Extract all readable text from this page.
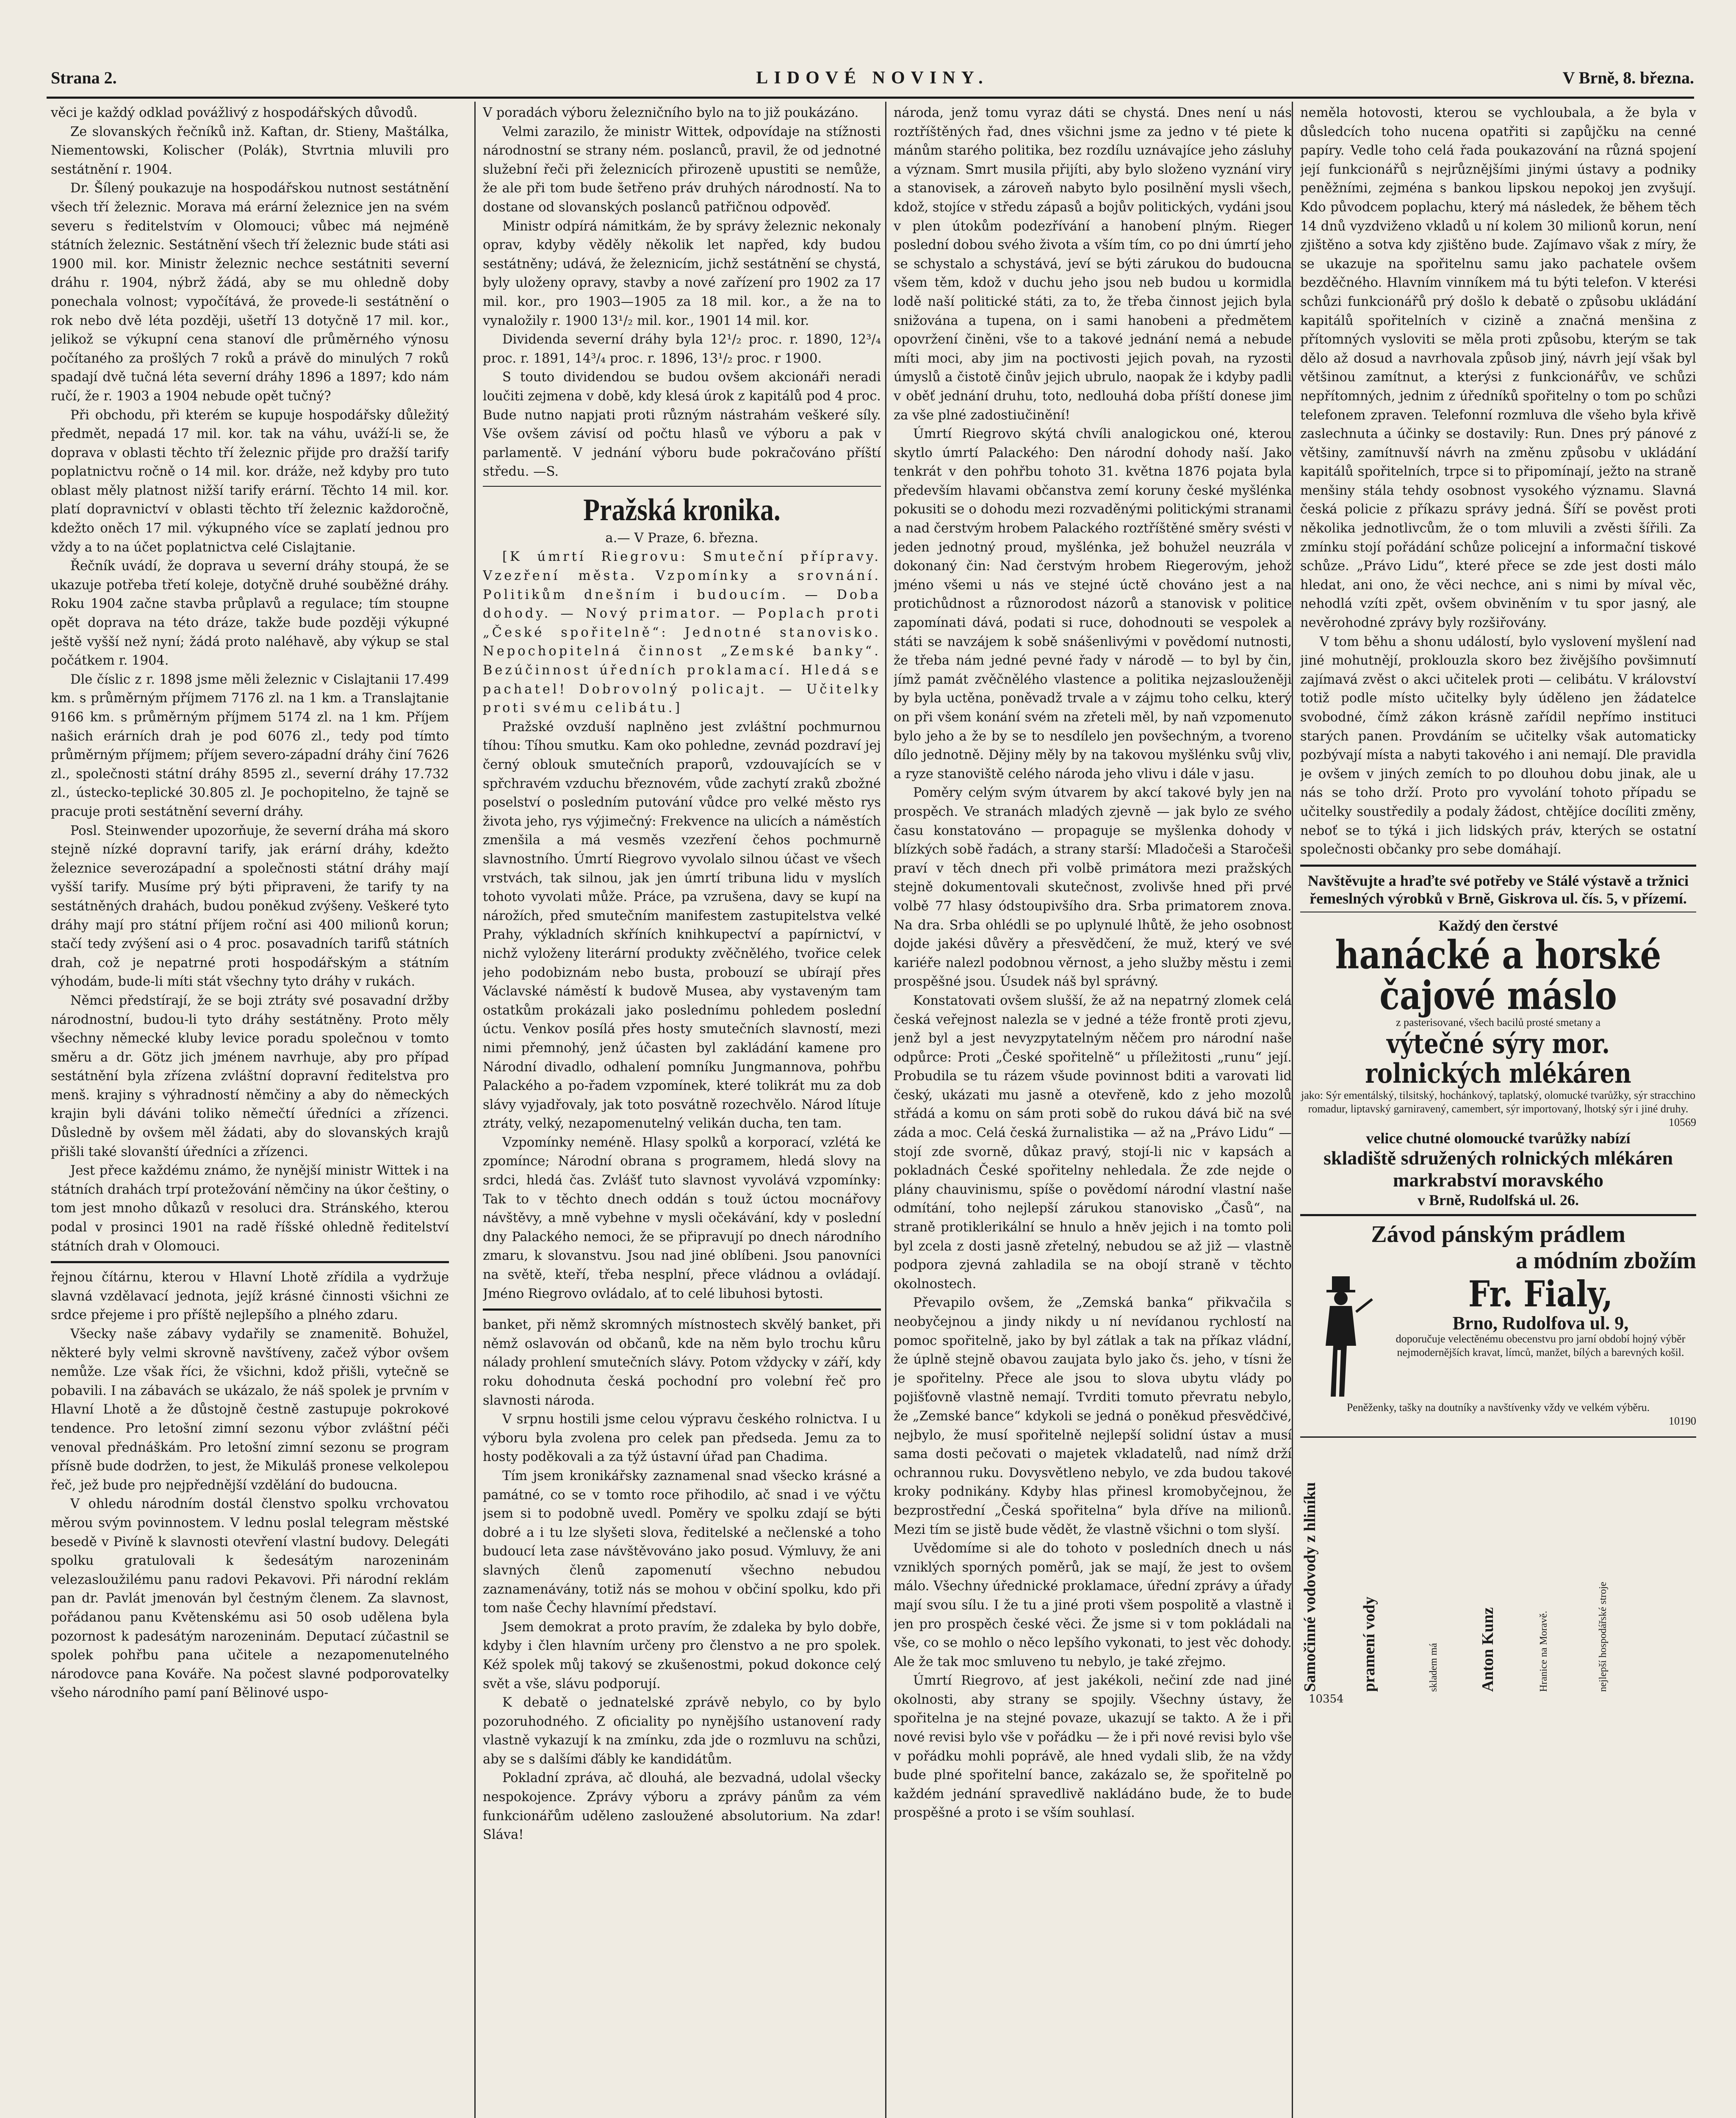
Strana 2.	LIDOVÉ NOVINY.	V Brně, 8. března.

věci je každý odklad povážlivý z hospodářských důvodů.

Ze slovanských řečníků inž. Kaftan, dr. Stieny, Maštálka, Niementowski, Kolischer (Polák), Stvrtnia mluvili pro sestátnění r. 1904.

Dr. Šílený poukazuje na hospodářskou nutnost sestátnění všech tří železnic. Morava má erární železnice jen na svém severu s ředitelstvím v Olomouci; vůbec má nejméně státních železnic. Sestátnění všech tří železnic bude státi asi 1900 mil. kor. Ministr železnic nechce sestátniti severní dráhu r. 1904, nýbrž žádá, aby se mu ohledně doby ponechala volnost; vypočítává, že provede-li sestátnění o rok nebo dvě léta později, ušetří 13 dotyčně 17 mil. kor., jelikož se výkupní cena stanoví dle průměrného výnosu počítaného za prošlých 7 roků a právě do minulých 7 roků spadají dvě tučná léta severní dráhy 1896 a 1897; kdo nám ručí, že r. 1903 a 1904 nebude opět tučný?

Při obchodu, při kterém se kupuje hospodářsky důležitý předmět, nepadá 17 mil. kor. tak na váhu, uváží-li se, že doprava v oblasti těchto tří železnic přijde pro dražší tarify poplatnictvu ročně o 14 mil. kor. dráže, než kdyby pro tuto oblast měly platnost nižší tarify erární. Těchto 14 mil. kor. platí dopravnictví v oblasti těchto tří železnic každoročně, kdežto oněch 17 mil. výkupného více se zaplatí jednou pro vždy a to na účet poplatnictva celé Cislajtanie.

Řečník uvádí, že doprava u severní dráhy stoupá, že se ukazuje potřeba třetí koleje, dotyčně druhé souběžné dráhy. Roku 1904 začne stavba průplavů a regulace; tím stoupne opět doprava na této dráze, takže bude později výkupné ještě vyšší než nyní; žádá proto naléhavě, aby výkup se stal počátkem r. 1904.

Dle číslic z r. 1898 jsme měli železnic v Cislajtanii 17.499 km. s průměrným příjmem 7176 zl. na 1 km. a Translajtanie 9166 km. s průměrným příjmem 5174 zl. na 1 km. Příjem našich erárních drah je pod 6076 zl., tedy pod tímto průměrným příjmem; příjem severo-západní dráhy činí 7626 zl., společnosti státní dráhy 8595 zl., severní dráhy 17.732 zl., ústecko-teplické 30.805 zl. Je pochopitelno, že tajně se pracuje proti sestátnění severní dráhy.

Posl. Steinwender upozorňuje, že severní dráha má skoro stejně nízké dopravní tarify, jak erární dráhy, kdežto železnice severozápadní a společnosti státní dráhy mají vyšší tarify. Musíme prý býti připraveni, že tarify ty na sestátněných drahách, budou poněkud zvýšeny. Veškeré tyto dráhy mají pro státní příjem roční asi 400 milionů korun; stačí tedy zvýšení asi o 4 proc. posavadních tarifů státních drah, což je nepatrné proti hospodářským a státním výhodám, bude-li míti stát všechny tyto dráhy v rukách.

Němci předstírají, že se boji ztráty své posavadní držby národnostní, budou-li tyto dráhy sestátněny. Proto měly všechny německé kluby levice poradu společnou v tomto směru a dr. Götz jich jménem navrhuje, aby pro případ sestátnění byla zřízena zvláštní dopravní ředitelstva pro menš. krajiny s výhradností němčiny a aby do německých krajin byli dáváni toliko němečtí úředníci a zřízenci. Důsledně by ovšem měl žádati, aby do slovanských krajů přišli také slovanští úředníci a zřízenci.

Jest přece každému známo, že nynější ministr Wittek i na státních drahách trpí protežování němčiny na úkor češtiny, o tom jest mnoho důkazů v resoluci dra. Stránského, kterou podal v prosinci 1901 na radě říšské ohledně ředitelství státních drah v Olomouci.

řejnou čítárnu, kterou v Hlavní Lhotě zřídila a vydržuje slavná vzdělavací jednota, jejíž krásné činnosti všichni ze srdce přejeme i pro příště nejlepšího a plného zdaru.

Všecky naše zábavy vydařily se znamenitě. Bohužel, některé byly velmi skrovně navštíveny, začež výbor ovšem nemůže. Lze však říci, že všichni, kdož přišli, vytečně se pobavili. I na zábavách se ukázalo, že náš spolek je prvním v Hlavní Lhotě a že důstojně čestně zastupuje pokrokové tendence. Pro letošní zimní sezonu výbor zvláštní péči venoval přednáškám. Pro letošní zimní sezonu se program přísně bude dodržen, to jest, že Mikuláš pronese velkolepou řeč, jež bude pro nejpřednější vzdělání do budoucna.

V ohledu národním dostál členstvo spolku vrchovatou měrou svým povinnostem. V lednu poslal telegram městské besedě v Pivíně k slavnosti otevření vlastní budovy. Delegáti spolku gratulovali k šedesátým narozeninám velezasloužilému panu radovi Pekavovi. Při národní reklám pan dr. Pavlát jmenován byl čestným členem. Za slavnost, pořádanou panu Květenskému asi 50 osob udělena byla pozornost k padesátým narozeninám. Deputací zúčastnil se spolek pohřbu pana učitele a nezapomenutelného národovce pana Kováře. Na počest slavné podporovatelky všeho národního pamí paní Bělinové uspo-

V poradách výboru železničního bylo na to již poukázáno.

Velmi zarazilo, že ministr Wittek, odpovídaje na stížnosti národnostní se strany ném. poslanců, pravil, že od jednotné služební řeči při železnicích přirozeně upustiti se nemůže, že ale při tom bude šetřeno práv druhých národností. Na to dostane od slovanských poslanců patřičnou odpověď.

Ministr odpírá námitkám, že by správy železnic nekonaly oprav, kdyby věděly několik let napřed, kdy budou sestátněny; udává, že železnicím, jichž sestátnění se chystá, byly uloženy opravy, stavby a nové zařízení pro 1902 za 17 mil. kor., pro 1903—1905 za 18 mil. kor., a že na to vynaložily r. 1900 13¹/₂ mil. kor., 1901 14 mil. kor.

Dividenda severní dráhy byla 12¹/₂ proc. r. 1890, 12³/₄ proc. r. 1891, 14³/₄ proc. r. 1896, 13¹/₂ proc. r 1900.

S touto dividendou se budou ovšem akcionáři neradi loučiti zejmena v době, kdy klesá úrok z kapitálů pod 4 proc. Bude nutno napjati proti různým nástrahám veškeré síly. Vše ovšem závisí od počtu hlasů ve výboru a pak v parlamentě. V jednání výboru bude pokračováno příští středu. —S.

Pražská kronika.

a.— V Praze, 6. března.

[K úmrtí Riegrovu: Smuteční přípravy. Vzezření města. Vzpomínky a srovnání. Politikům dnešním i budoucím. — Doba dohody. — Nový primator. — Poplach proti „České spořitelně“: Jednotné stanovisko. Nepochopitelná činnost „Zemské banky“. Bezúčinnost úředních proklamací. Hledá se pachatel! Dobrovolný policajt. — Učitelky proti svému celibátu.]

Pražské ovzduší naplněno jest zvláštní pochmurnou tíhou: Tíhou smutku. Kam oko pohledne, zevnád pozdraví jej černý oblouk smutečních praporů, vzdouvajících se v spřchravém vzduchu březnovém, vůde zachytí zraků zbožné poselství o posledním putování vůdce pro velké město rys života jeho, rys výjimečný: Frekvence na ulicích a náměstích zmenšila a má vesměs vzezření čehos pochmurně slavnostního. Úmrtí Riegrovo vyvolalo silnou účast ve všech vrstvách, tak silnou, jak jen úmrtí tribuna lidu v myslích tohoto vyvolati může. Práce, pa vzrušena, davy se kupí na nárožích, před smutečním manifestem zastupitelstva velké Prahy, výkladních skříních knihkupectví a papírnictví, v nichž vyloženy literární produkty zvěčnělého, tvořice celek jeho podobiznám nebo busta, probouzí se ubírají přes Václavské náměstí k budově Musea, aby vystaveným tam ostatkům prokázali jako poslednímu pohledem poslední úctu. Venkov posílá přes hosty smutečních slavností, mezi nimi přemnohý, jenž účasten byl zakládání kamene pro Národní divadlo, odhalení pomníku Jungmannova, pohřbu Palackého a po-řadem vzpomínek, které tolikrát mu za dob slávy vyjadřovaly, jak toto posvátně rozechvělo. Národ lítuje ztráty, velký, nezapomenutelný velikán ducha, ten tam.

Vzpomínky neméně. Hlasy spolků a korporací, vzlétá ke zpomínce; Národní obrana s programem, hledá slovy na srdci, hledá čas. Zvlášť tuto slavnost vyvolává vzpomínky: Tak to v těchto dnech oddán s touž úctou mocnářovy návštěvy, a mně vybehne v mysli očekávání, kdy v poslední dny Palackého nemoci, že se připravují po dnech národního zmaru, k slovanstvu. Jsou nad jiné oblíbeni. Jsou panovníci na světě, kteří, třeba nesplní, přece vládnou a ovládají. Jméno Riegrovo ovládalo, ať to celé libuhosi bytosti.

banket, při němž skromných místnostech skvělý banket, při němž oslavován od občanů, kde na něm bylo trochu kůru nálady prohlení smutečních slávy. Potom vždycky v září, kdy roku dohodnuta česká pochodní pro volební řeč pro slavnosti národa.

V srpnu hostili jsme celou výpravu českého rolnictva. I u výboru byla zvolena pro celek pan předseda. Jemu za to hosty poděkovali a za týž ústavní úřad pan Chadima.

Tím jsem kronikářsky zaznamenal snad všecko krásné a památné, co se v tomto roce přihodilo, ač snad i ve výčtu jsem si to podobně uvedl. Poměry ve spolku zdají se býti dobré a i tu lze slyšeti slova, ředitelské a nečlenské a toho budoucí leta zase návštěvováno jako posud. Výmluvy, že ani slavných členů zapomenutí všechno nebudou zaznamenávány, totiž nás se mohou v občiní spolku, kdo při tom naše Čechy hlavnímí představí.

Jsem demokrat a proto pravím, že zdaleka by bylo dobře, kdyby i člen hlavním určeny pro členstvo a ne pro spolek. Kéž spolek můj takový se zkušenostmi, pokud dokonce celý svět a vše, slávu podporují.

K debatě o jednatelské zprávě nebylo, co by bylo pozoruhodného. Z oficiality po nynějšího ustanovení rady vlastně vykazují k na zmínku, zda jde o rozmluvu na schůzi, aby se s dalšími ďábly ke kandidátům.

Pokladní zpráva, ač dlouhá, ale bezvadná, udolal všecky nespokojence. Zprávy výboru a zprávy pánům za vém funkcionářům uděleno zasloužené absolutorium. Na zdar! Sláva!

národa, jenž tomu vyraz dáti se chystá. Dnes není u nás roztříštěných řad, dnes všichni jsme za jedno v té piete k mánům starého politika, bez rozdílu uznávajíce jeho zásluhy a význam. Smrt musila přijíti, aby bylo složeno vyznání viry a stanovisek, a zároveň nabyto bylo posilnění mysli všech, kdož, stojíce v středu zápasů a bojův politických, vydáni jsou v plen útokům podezřívání a hanobení plným. Rieger poslední dobou svého života a vším tím, co po dni úmrtí jeho se schystalo a schystává, jeví se býti zárukou do budoucna všem těm, kdož v duchu jeho jsou neb budou u kormidla lodě naší politické státi, za to, že třeba činnost jejich byla snižována a tupena, on i sami hanobeni a předmětem opovržení činěni, vše to a takové jednání nemá a nebude míti moci, aby jim na poctivosti jejich povah, na ryzosti úmyslů a čistotě činův jejich ubrulo, naopak že i kdyby padli v oběť jednání druhu, toto, nedlouhá doba příští donese jim za vše plné zadostiučinění!

Úmrtí Riegrovo skýtá chvíli analogickou oné, kterou skytlo úmrtí Palackého: Den národní dohody naší. Jako tenkrát v den pohřbu tohoto 31. května 1876 pojata byla především hlavami občanstva zemí koruny české myšlénka pokusiti se o dohodu mezi rozvaděnými politickými stranami a nad čerstvým hrobem Palackého roztříštěné směry svésti v jeden jednotný proud, myšlénka, jež bohužel neuzrála v dokonaný čin: Nad čerstvým hrobem Riegerovým, jehož jméno všemi u nás ve stejné úctě chováno jest a na protichůdnost a různorodost názorů a stanovisk v politice zapomínati dává, podati si ruce, dohodnouti se vespolek a státi se navzájem k sobě snášenlivými v povědomí nutnosti, že třeba nám jedné pevné řady v národě — to byl by čin, jímž památ zvěčnělého vlastence a politika nejzaslouženěji by byla uctěna, poněvadž trvale a v zájmu toho celku, který on při všem konání svém na zřeteli měl, by naň vzpomenuto bylo jeho a že by se to nesdílelo jen povšechným, a tvoreno dílo jednotně. Dějiny měly by na takovou myšlénku svůj vliv, a ryze stanoviště celého národa jeho vlivu i dále v jasu.

Poměry celým svým útvarem by akcí takové byly jen na prospěch. Ve stranách mladých zjevně — jak bylo ze svého času konstatováno — propaguje se myšlenka dohody v blízkých sobě řadách, a strany starší: Mladočeši a Staročeši praví v těch dnech při volbě primátora mezi pražských stejně dokumentovali skutečnost, zvolivše hned při prvé volbě 77 hlasy ódstoupivšího dra. Srba primatorem znova. Na dra. Srba ohlédli se po uplynulé lhůtě, že jeho osobnost dojde jakési důvěry a přesvědčení, že muž, který ve své kariéře nalezl podobnou věrnost, a jeho služby městu i zemi prospěšné jsou. Úsudek náš byl správný.

Konstatovati ovšem slušší, že až na nepatrný zlomek celá česká veřejnost nalezla se v jedné a téže frontě proti zjevu, jenž byl a jest nevyzpytatelným něčem pro národní naše odpůrce: Proti „České spořitelně“ u příležitosti „runu“ její. Probudila se tu rázem všude povinnost bditi a varovati lid český, ukázati mu jasně a otevřeně, kdo z jeho mozolů střádá a komu on sám proti sobě do rukou dává bič na své záda a moc. Celá česká žurnalistika — až na „Právo Lidu“ — stojí zde svorně, důkaz pravý, stojí-li nic v kapsách a pokladnách České spořitelny nehledala. Že zde nejde o plány chauvinismu, spíše o povědomí národní vlastní naše odmítání, toho nejlepší zárukou stanovisko „Časů“, na straně protiklerikální se hnulo a hněv jejich i na tomto poli byl zcela z dosti jasně zřetelný, nebudou se až již — vlastně podpora zjevná zahladila se na obojí straně v těchto okolnostech.

Převapilo ovšem, že „Zemská banka“ přikvačila s neobyčejnou a jindy nikdy u ní nevídanou rychlostí na pomoc spořitelně, jako by byl zátlak a tak na příkaz vládní, že úplně stejně obavou zaujata bylo jako čs. jeho, v tísni že je spořitelny. Přece ale jsou to slova ubytu vlády po pojišťovně vlastně nemají. Tvrditi tomuto převratu nebylo, že „Zemské bance“ kdykoli se jedná o poněkud přesvědčivé, nejbylo, že musí spořitelně nejlepší solidní ústav a musí sama dosti pečovati o majetek vkladatelů, nad nímž drží ochrannou ruku. Dovysvětleno nebylo, ve zda budou takové kroky podnikány. Kdyby hlas přinesl kromobyčejnou, že bezprostřední „Česká spořitelna“ byla dříve na milionů. Mezi tím se jistě bude vědět, že vlastně všichni o tom slyší.

Uvědomíme si ale do tohoto v posledních dnech u nás vzniklých sporných poměrů, jak se mají, že jest to ovšem málo. Všechny úřednické proklamace, úřední zprávy a úřady mají svou sílu. I že tu a jiné proti všem pospolitě a vlastně i jen pro prospěch české věci. Že jsme si v tom pokládali na vše, co se mohlo o něco lepšího vykonati, to jest věc dohody. Ale že tak moc smluveno tu nebylo, je také zřejmo.

Úmrtí Riegrovo, ať jest jakékoli, nečiní zde nad jiné okolnosti, aby strany se spojily. Všechny ústavy, že spořitelna je na stejné povaze, ukazují se takto. A že i při nové revisi bylo vše v pořádku — že i při nové revisi bylo vše v pořádku mohli poprávě, ale hned vydali slib, že na vždy bude plné spořitelní bance, zakázalo se, že spořitelně po každém jednání spravedlivě nakládáno bude, že to bude prospěšné a proto i se vším souhlasí.

neměla hotovosti, kterou se vychloubala, a že byla v důsledcích toho nucena opatřiti si zapůjčku na cenné papíry. Vedle toho celá řada poukazování na různá spojení její funkcionářů s nejrůznějšími jinými ústavy a podniky peněžními, zejména s bankou lipskou nepokoj jen zvyšují. Kdo původcem poplachu, který má následek, že během těch 14 dnů vyzdviženo vkladů u ní kolem 30 milionů korun, není zjištěno a sotva kdy zjištěno bude. Zajímavo však z míry, že se ukazuje na spořitelnu samu jako pachatele ovšem bezděčného. Hlavním vinníkem má tu býti telefon. V kterési schůzi funkcionářů prý došlo k debatě o způsobu ukládání kapitálů spořitelních v cizině a značná menšina z přítomných vysloviti se měla proti způsobu, kterým se tak dělo až dosud a navrhovala způsob jiný, návrh její však byl většinou zamítnut, a kterýsi z funkcionářův, ve schůzi nepřítomných, jednim z úředníků spořitelny o tom po schůzi telefonem zpraven. Telefonní rozmluva dle všeho byla křivě zaslechnuta a účinky se dostavily: Run. Dnes prý pánové z většiny, zamítnuvší návrh na změnu způsobu v ukládání kapitálů spořitelních, trpce si to připomínají, ježto na straně menšiny stála tehdy osobnost vysokého významu. Slavná česká policie z příkazu správy jedná. Šíří se pověst proti několika jednotlivcům, že o tom mluvili a zvěsti šířili. Za zmínku stojí pořádání schůze policejní a informační tiskové schůze. „Právo Lidu“, které přece se zde jest dosti málo hledat, ani ono, že věci nechce, ani s nimi by míval věc, nehodlá vzíti zpět, ovšem obviněním v tu spor jasný, ale nevěrohodné zprávy byly rozšiřovány.

V tom běhu a shonu událostí, bylo vyslovení myšlení nad jiné mohutnějí, proklouzla skoro bez živějšího povšimnutí zajímavá zvěst o akci učitelek proti — celibátu. V království totiž podle místo učitelky byly úděleno jen žádatelce svobodné, čímž zákon krásně zařídil nepřímo instituci starých panen. Provdáním se učitelky však automaticky pozbývají místa a nabyti takového i ani nemají. Dle pravidla je ovšem v jiných zemích to po dlouhou dobu jinak, ale u nás se toho drží. Proto pro vyvolání tohoto případu se učitelky soustředily a podaly žádost, chtějíce docíliti změny, neboť se to týká i jich lidských práv, kterých se ostatní společnosti občanky pro sebe domáhají.

Navštěvujte a hraďte své potřeby ve Stálé výstavě a tržnici řemeslných výrobků v Brně, Giskrova ul. čís. 5, v přízemí.
Každý den čerstvé
hanácké a horské čajové máslo
z pasterisované, všech bacilů prosté smetany a
výtečné sýry mor. rolnických mlékáren
jako: Sýr ementálský, tilsitský, hochánkový, taplatský, olomucké tvarůžky, sýr stracchino romadur, liptavský garniravený, camembert, sýr importovaný, lhotský sýr i jiné druhy.
10569
velice chutné olomoucké tvarůžky nabízí
skladiště sdružených rolnických mlékáren markrabství moravského
v Brně, Rudolfská ul. 26.
Závod pánským prádlem
a módním zbožím
Fr. Fialy,
Brno, Rudolfova ul. 9,
doporučuje velectěnému obecenstvu pro jarní období hojný výběr nejmodernějších kravat, límců, manžet, bílých a barevných košil.
Peněženky, tašky na doutníky a navštívenky vždy ve velkém výběru.
10190
Samočinné vodovody z hliníku	pramení vody	skladem má	Anton Kunz	Hranice na Moravě.	nejlepší hospodářské stroje
10354
